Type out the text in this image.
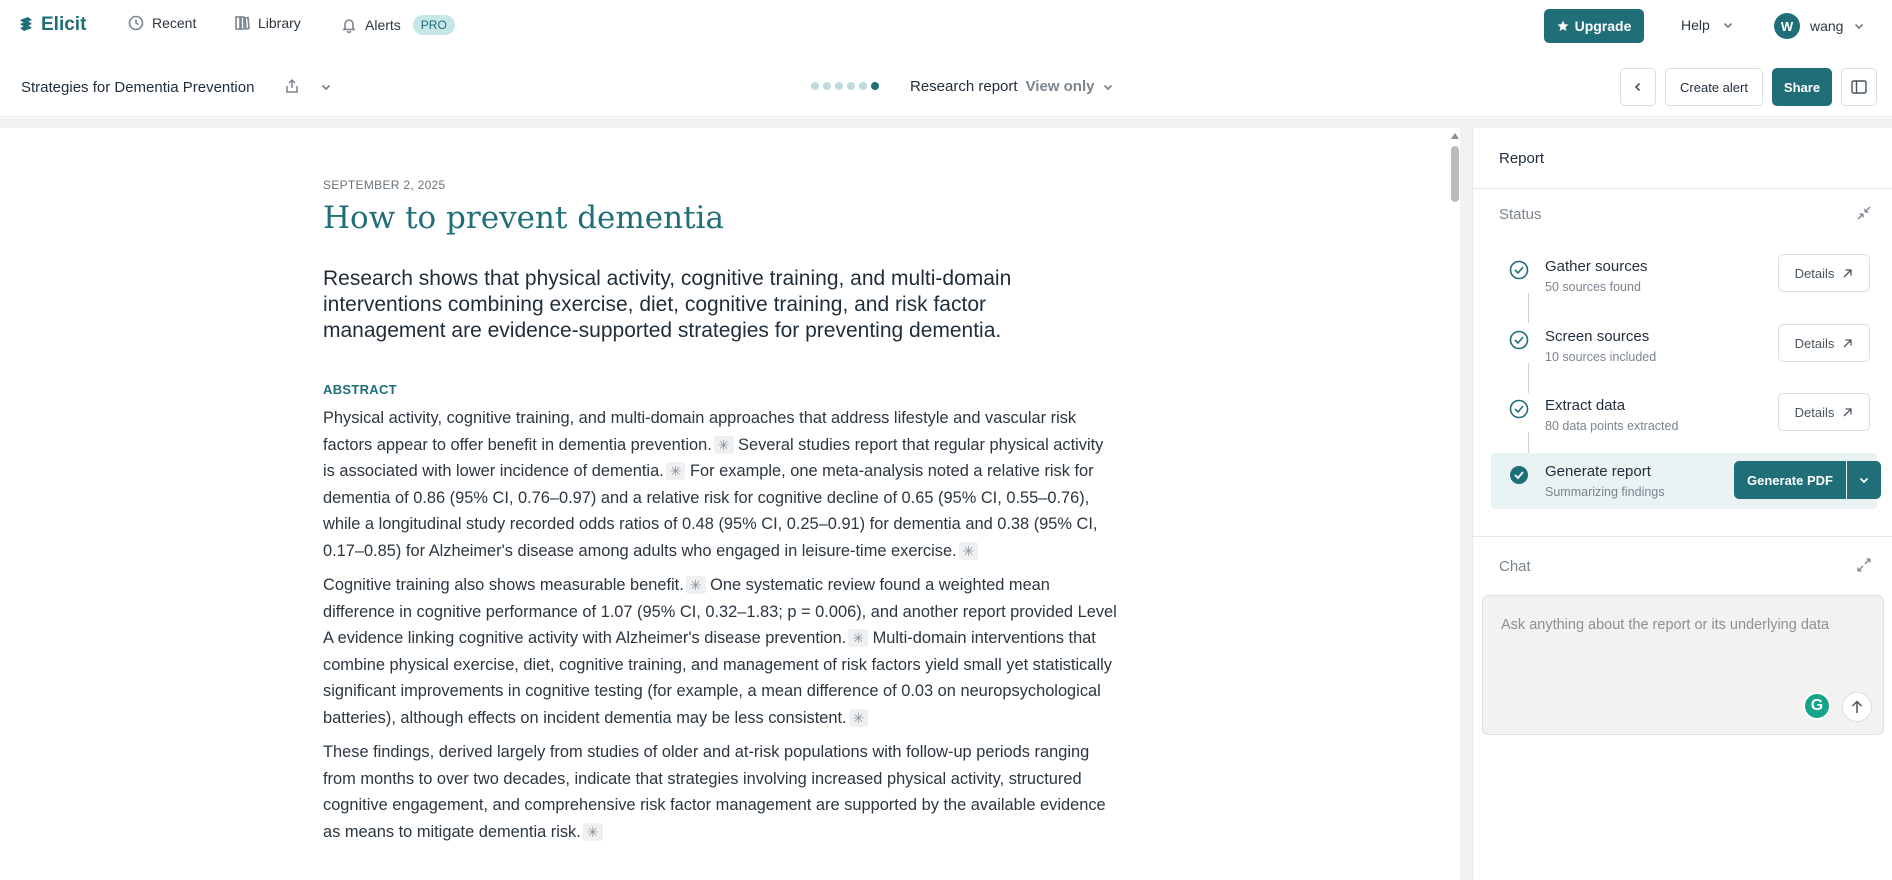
Elicit	Recent	Library	Alerts	PRO	Upgrade	Help	W	wang
Strategies for Dementia Prevention	Research report View only	Create alert	Share
SEPTEMBER 2, 2025
How to prevent dementia
Research shows that physical activity, cognitive training, and multi-domain interventions combining exercise, diet, cognitive training, and risk factor management are evidence-supported strategies for preventing dementia.
ABSTRACT

Physical activity, cognitive training, and multi-domain approaches that address lifestyle and vascular risk factors appear to offer benefit in dementia prevention. ✳ Several studies report that regular physical activity is associated with lower incidence of dementia. ✳ For example, one meta-analysis noted a relative risk for dementia of 0.86 (95% CI, 0.76–0.97) and a relative risk for cognitive decline of 0.65 (95% CI, 0.55–0.76), while a longitudinal study recorded odds ratios of 0.48 (95% CI, 0.25–0.91) for dementia and 0.38 (95% CI, 0.17–0.85) for Alzheimer's disease among adults who engaged in leisure-time exercise. ✳

Cognitive training also shows measurable benefit. ✳ One systematic review found a weighted mean difference in cognitive performance of 1.07 (95% CI, 0.32–1.83; p = 0.006), and another report provided Level A evidence linking cognitive activity with Alzheimer's disease prevention. ✳ Multi-domain interventions that combine physical exercise, diet, cognitive training, and management of risk factors yield small yet statistically significant improvements in cognitive testing (for example, a mean difference of 0.03 on neuropsychological batteries), although effects on incident dementia may be less consistent. ✳

These findings, derived largely from studies of older and at-risk populations with follow-up periods ranging from months to over two decades, indicate that strategies involving increased physical activity, structured cognitive engagement, and comprehensive risk factor management are supported by the available evidence as means to mitigate dementia risk. ✳

Report
Status
Gather sources
50 sources found
Details
Screen sources
10 sources included
Details
Extract data
80 data points extracted
Details
Generate report
Summarizing findings
Generate PDF
Chat
Ask anything about the report or its underlying data
G
